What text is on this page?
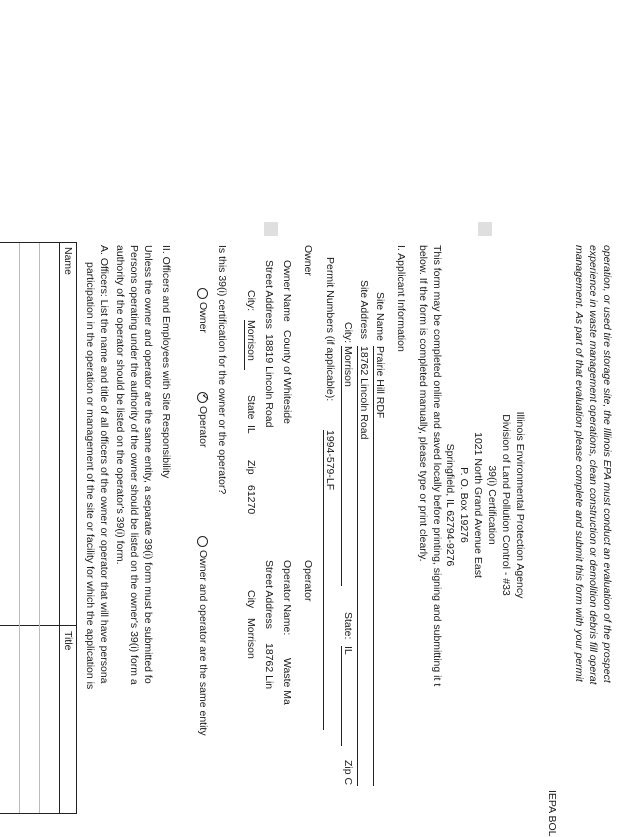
operation, or used tire storage site, the Illinois EPA must conduct an evaluation of the prospect
experience in waste management operations, clean construction or demolition debris fill operat
management. As part of that evaluation please complete and submit this form with your permit
Illinois Environmental Protection Agency
Division of Land Pollution Control - #33
39(i) Certification
1021 North Grand Avenue East
P. O. Box 19276
Springfield, IL 62794-9276
IEPA BOL
This form may be completed online and saved locally before printing, signing and submitting it t
below. If the form is completed manually, please type or print clearly.
I. Applicant Information
Site Name
Prairie Hill RDF
Site Address
18762 Lincoln Road
City:
Morrison
State:
IL
Zip C
Permit Numbers (if applicable):
1994-579-LF
Owner
Owner Name
County of Whiteside
Street Address
18819 Lincoln Road
City:
Morrison
State
IL
Zip
61270
Operator
Operator Name:
Waste Ma
Street Address
18762 Lin
City
Morrison
Is this 39(i) certification for the owner or the operator?
Owner
✓
Operator
Owner and operator are the same entity
II. Officers and Employees with Site Responsibility
Unless the owner and operator are the same entity, a separate 39(i) form must be submitted fo
Persons operating under the authority of the owner should be listed on the owner's 39(i) form a
authority of the operator should be listed on the operator's 39(i) form.
A. Officers: List the name and title of all officers of the owner or operator that will have persona
participation in the operation or management of the site or facility for which the application is
Name
Title
